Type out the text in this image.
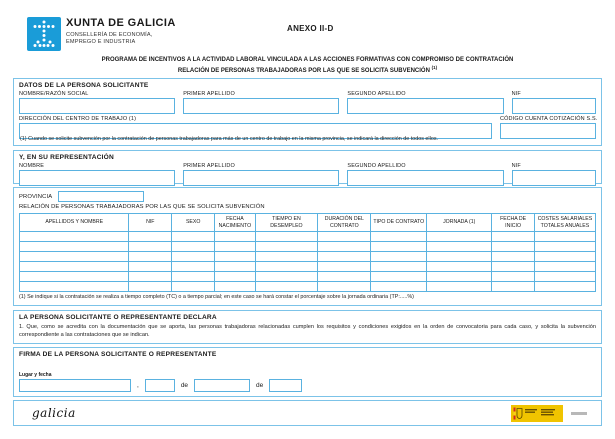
XUNTA DE GALICIA
CONSELLERÍA DE ECONOMÍA,
EMPREGO E INDUSTRIA
ANEXO II-D
PROGRAMA DE INCENTIVOS A LA ACTIVIDAD LABORAL VINCULADA A LAS ACCIONES FORMATIVAS CON COMPROMISO DE CONTRATACIÓN
RELACIÓN DE PERSONAS TRABAJADORAS POR LAS QUE SE SOLICITA SUBVENCIÓN $^{(1)}$
DATOS DE LA PERSONA SOLICITANTE
NOMBRE/RAZÓN SOCIAL	PRIMER APELLIDO	SEGUNDO APELLIDO	NIF
DIRECCIÓN DEL CENTRO DE TRABAJO (1)	CÓDIGO CUENTA COTIZACIÓN S.S.
(1) Cuando se solicite subvención por la contratación de personas trabajadoras para más de un centro de trabajo en la misma provincia, se indicará la dirección de todos ellos.
Y, EN SU REPRESENTACIÓN
NOMBRE	PRIMER APELLIDO	SEGUNDO APELLIDO	NIF
PROVINCIA
RELACIÓN DE PERSONAS TRABAJADORAS POR LAS QUE SE SOLICITA SUBVENCIÓN
APELLIDOS Y NOMBRE	NIF	SEXO	FECHA NACIMIENTO	TIEMPO EN DESEMPLEO	DURACIÓN DEL CONTRATO	TIPO DE CONTRATO	JORNADA (1)	FECHA DE INICIO	COSTES SALARIALES TOTALES ANUALES

(1) Se indique si la contratación se realiza a tiempo completo (TC) o a tiempo parcial; en este caso se hará constar el porcentaje sobre la jornada ordinaria (TP:.....%)
LA PERSONA SOLICITANTE O REPRESENTANTE DECLARA
1. Que, como se acredita con la documentación que se aporta, las personas trabajadoras relacionadas cumplen los requisitos y condiciones exigidos en la orden de convocatoria para cada caso, y solicita la subvención correspondiente a las contrataciones que se indican.
FIRMA DE LA PERSONA SOLICITANTE O REPRESENTANTE
Lugar y fecha
,	de	de
galicia
